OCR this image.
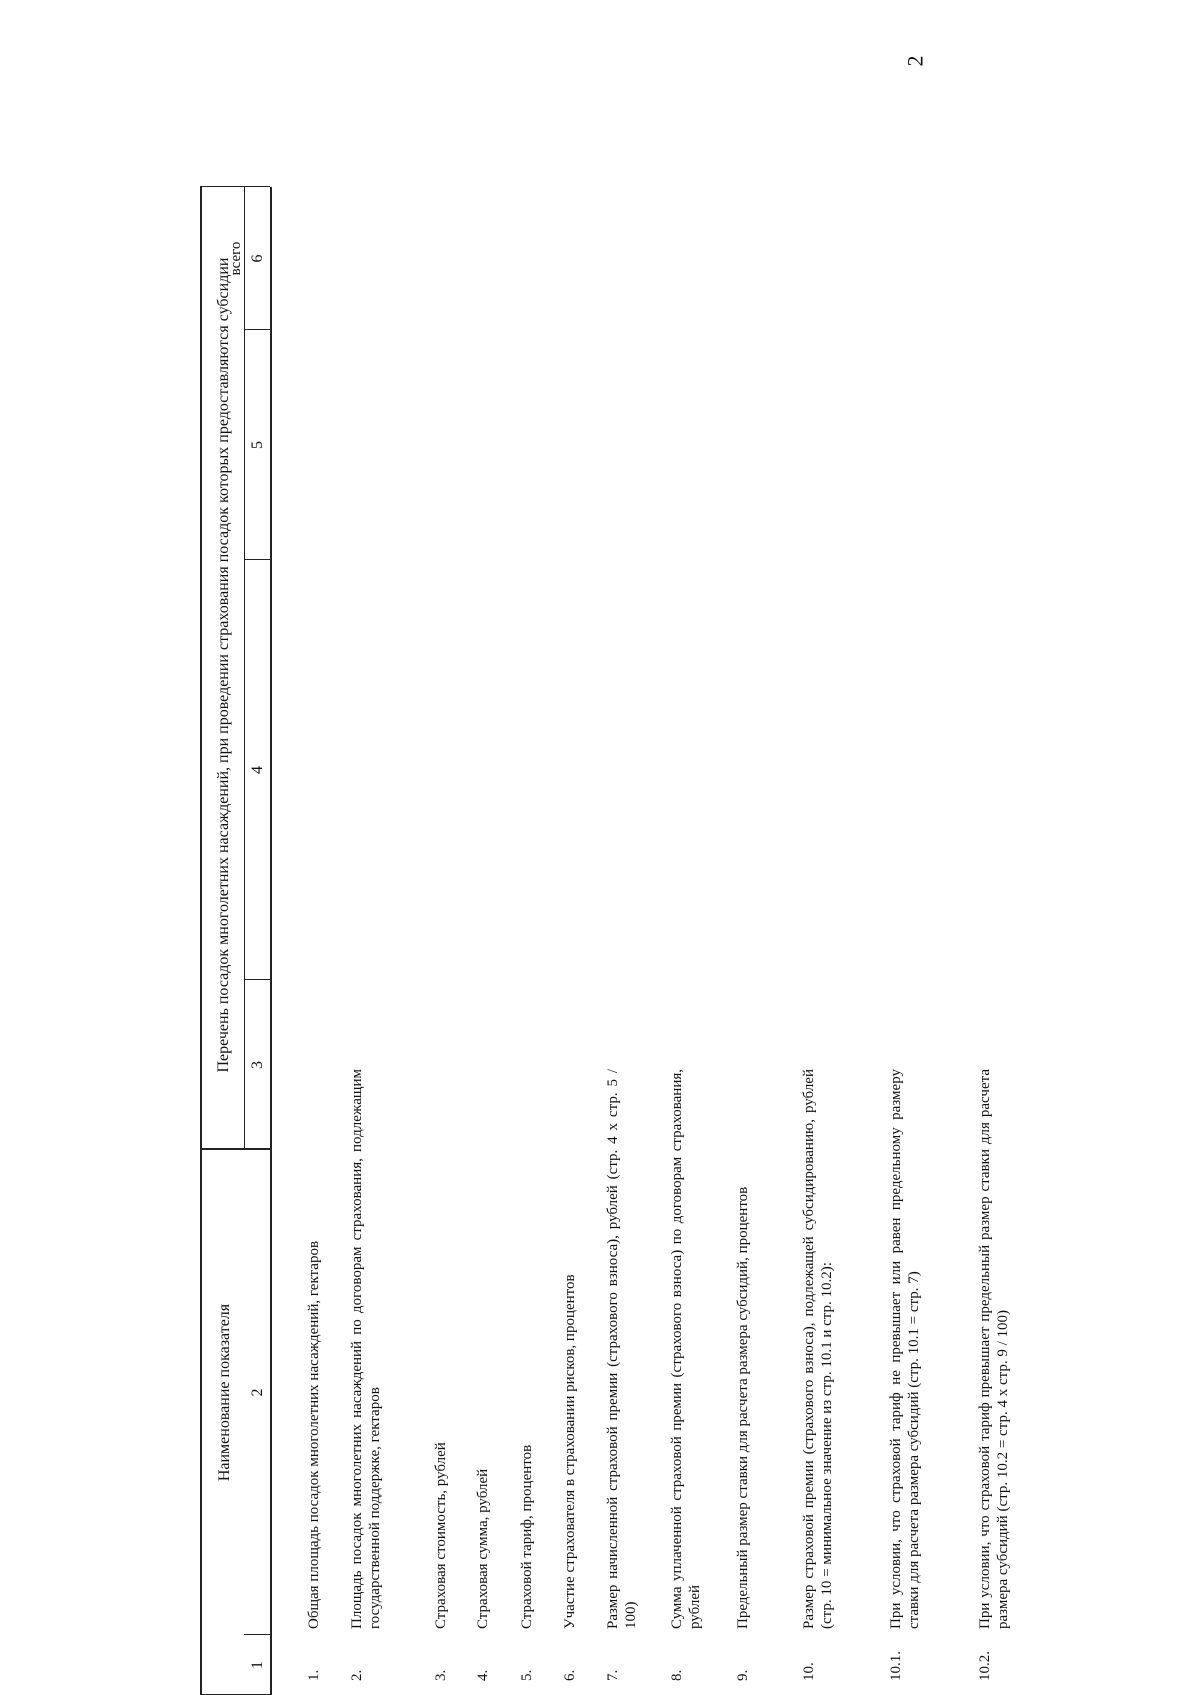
2
Наименование показателя
Перечень посадок многолетних насаждений, при проведении страхования посадок которых предоставляются субсидии
всего
1
2
3
4
5
6
1.
Общая площадь посадок многолетних насаждений, гектаров
2.
Площадь посадок многолетних насаждений по договорам страхования, подлежащим государственной поддержке, гектаров
3.
Страховая стоимость, рублей
4.
Страховая сумма, рублей
5.
Страховой тариф, процентов
6.
Участие страхователя в страховании рисков, процентов
7.
Размер начисленной страховой премии (страхового взноса), рублей (стр. 4 x стр. 5 / 100)
8.
Сумма уплаченной страховой премии (страхового взноса) по договорам страхования, рублей
9.
Предельный размер ставки для расчета размера субсидий, процентов
10.
Размер страховой премии (страхового взноса), подлежащей субсидированию, рублей (стр. 10 = минимальное значение из стр. 10.1 и стр. 10.2):
10.1.
При условии, что страховой тариф не превышает или равен предельному размеру ставки для расчета размера субсидий (стр. 10.1 = стр. 7)
10.2.
При условии, что страховой тариф превышает предельный размер ставки для расчета размера субсидий (стр. 10.2 = стр. 4 x стр. 9 / 100)
